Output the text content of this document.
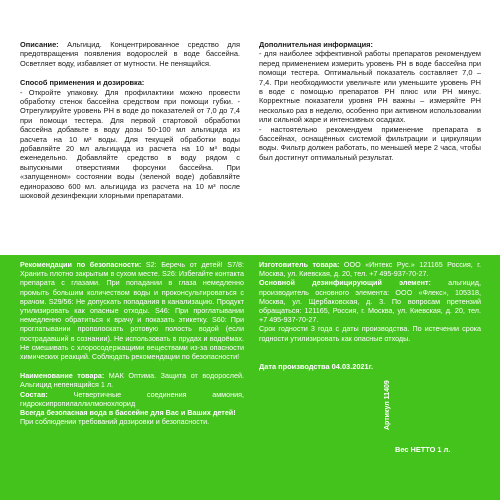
Описание: Альгицид. Концентрированное средство для предотвращения появления водорослей в воде бассейна. Осветляет воду, избавляет от мутности. Не пенящийся.

Способ применения и дозировка:

- Откройте упаковку. Для профилактики можно провести обработку стенок бассейна средством при помощи губки. - Отрегулируйте уровень PH в воде до показателей от 7,0 до 7,4 при помощи тестера. Для первой стартовой обработки бассейна добавьте в воду дозы 50-100 мл альгицида из расчета на 10 м³ воды. Для текущей обработки воды добавляйте 20 мл альгицида из расчета на 10 м³ воды еженедельно. Добавляйте средство в воду рядом с выпускными отверстиями форсунки бассейна. При «запущенном» состоянии воды (зеленой воде) добавляйте единоразово 600 мл. альгицида из расчета на 10 м³ после шоковой дезинфекции хлорными препаратами.

Дополнительная информация:

- для наиболее эффективной работы препаратов рекомендуем перед применением измерить уровень PH в воде бассейна при помощи тестера. Оптимальный показатель составляет 7,0 – 7,4. При необходимости увеличьте или уменьшите уровень PH в воде с помощью препаратов PH плюс или PH минус. Корректные показатели уровня PH важны – измеряйте PH несколько раз в неделю, особенно при активном использовании или сильной жаре и интенсивных осадках.

- настоятельно рекомендуем применение препарата в бассейнах, оснащённых системой фильтрации и циркуляции воды. Фильтр должен работать, по меньшей мере 2 часа, чтобы был достигнут оптимальный результат.

Рекомендации по безопасности: S2: Беречь от детей! S7/8: Хранить плотно закрытым в сухом месте. S26: Избегайте контакта препарата с глазами. При попадании в глаза немедленно промыть большим количеством воды и проконсультироваться с врачом. S29/56: Не допускать попадания в канализацию. Продукт утилизировать как опасные отходы. S46: При проглатывании немедленно обратиться к врачу и показать этикетку. S60: При проглатывании прополоскать ротовую полость водой (если пострадавший в сознании). Не использовать в прудах и водоёмах. Не смешивать с хлоросодержащими веществами из-за опасности химических реакций. Соблюдать рекомендации по безопасности!

Наименование товара: МАК Оптима. Защита от водорослей. Альгицид непенящийся 1 л.

Состав: Четвертичные соединения аммония, гидроксипропилаллилмонохлорид

Всегда безопасная вода в бассейне для Вас и Ваших детей!

При соблюдении требований дозировки и безопасности.

Изготовитель товара: ООО «Интекс Рус.» 121165 Россия, г. Москва, ул. Киевская, д. 20, тел. +7 495-937-70-27.

Основной дезинфицирующий элемент: альгицид, производитель основного элемента: ООО «Флекс», 105318, Москва, ул. Щербаковская, д. 3. По вопросам претензий обращаться: 121165, Россия, г. Москва, ул. Киевская, д. 20, тел. +7 495-937-70-27.

Срок годности 3 года с даты производства. По истечении срока годности утилизировать как опасные отходы.

Дата производства 04.03.2021г.
Артикул 11409
Вес НЕТТО 1 л.
